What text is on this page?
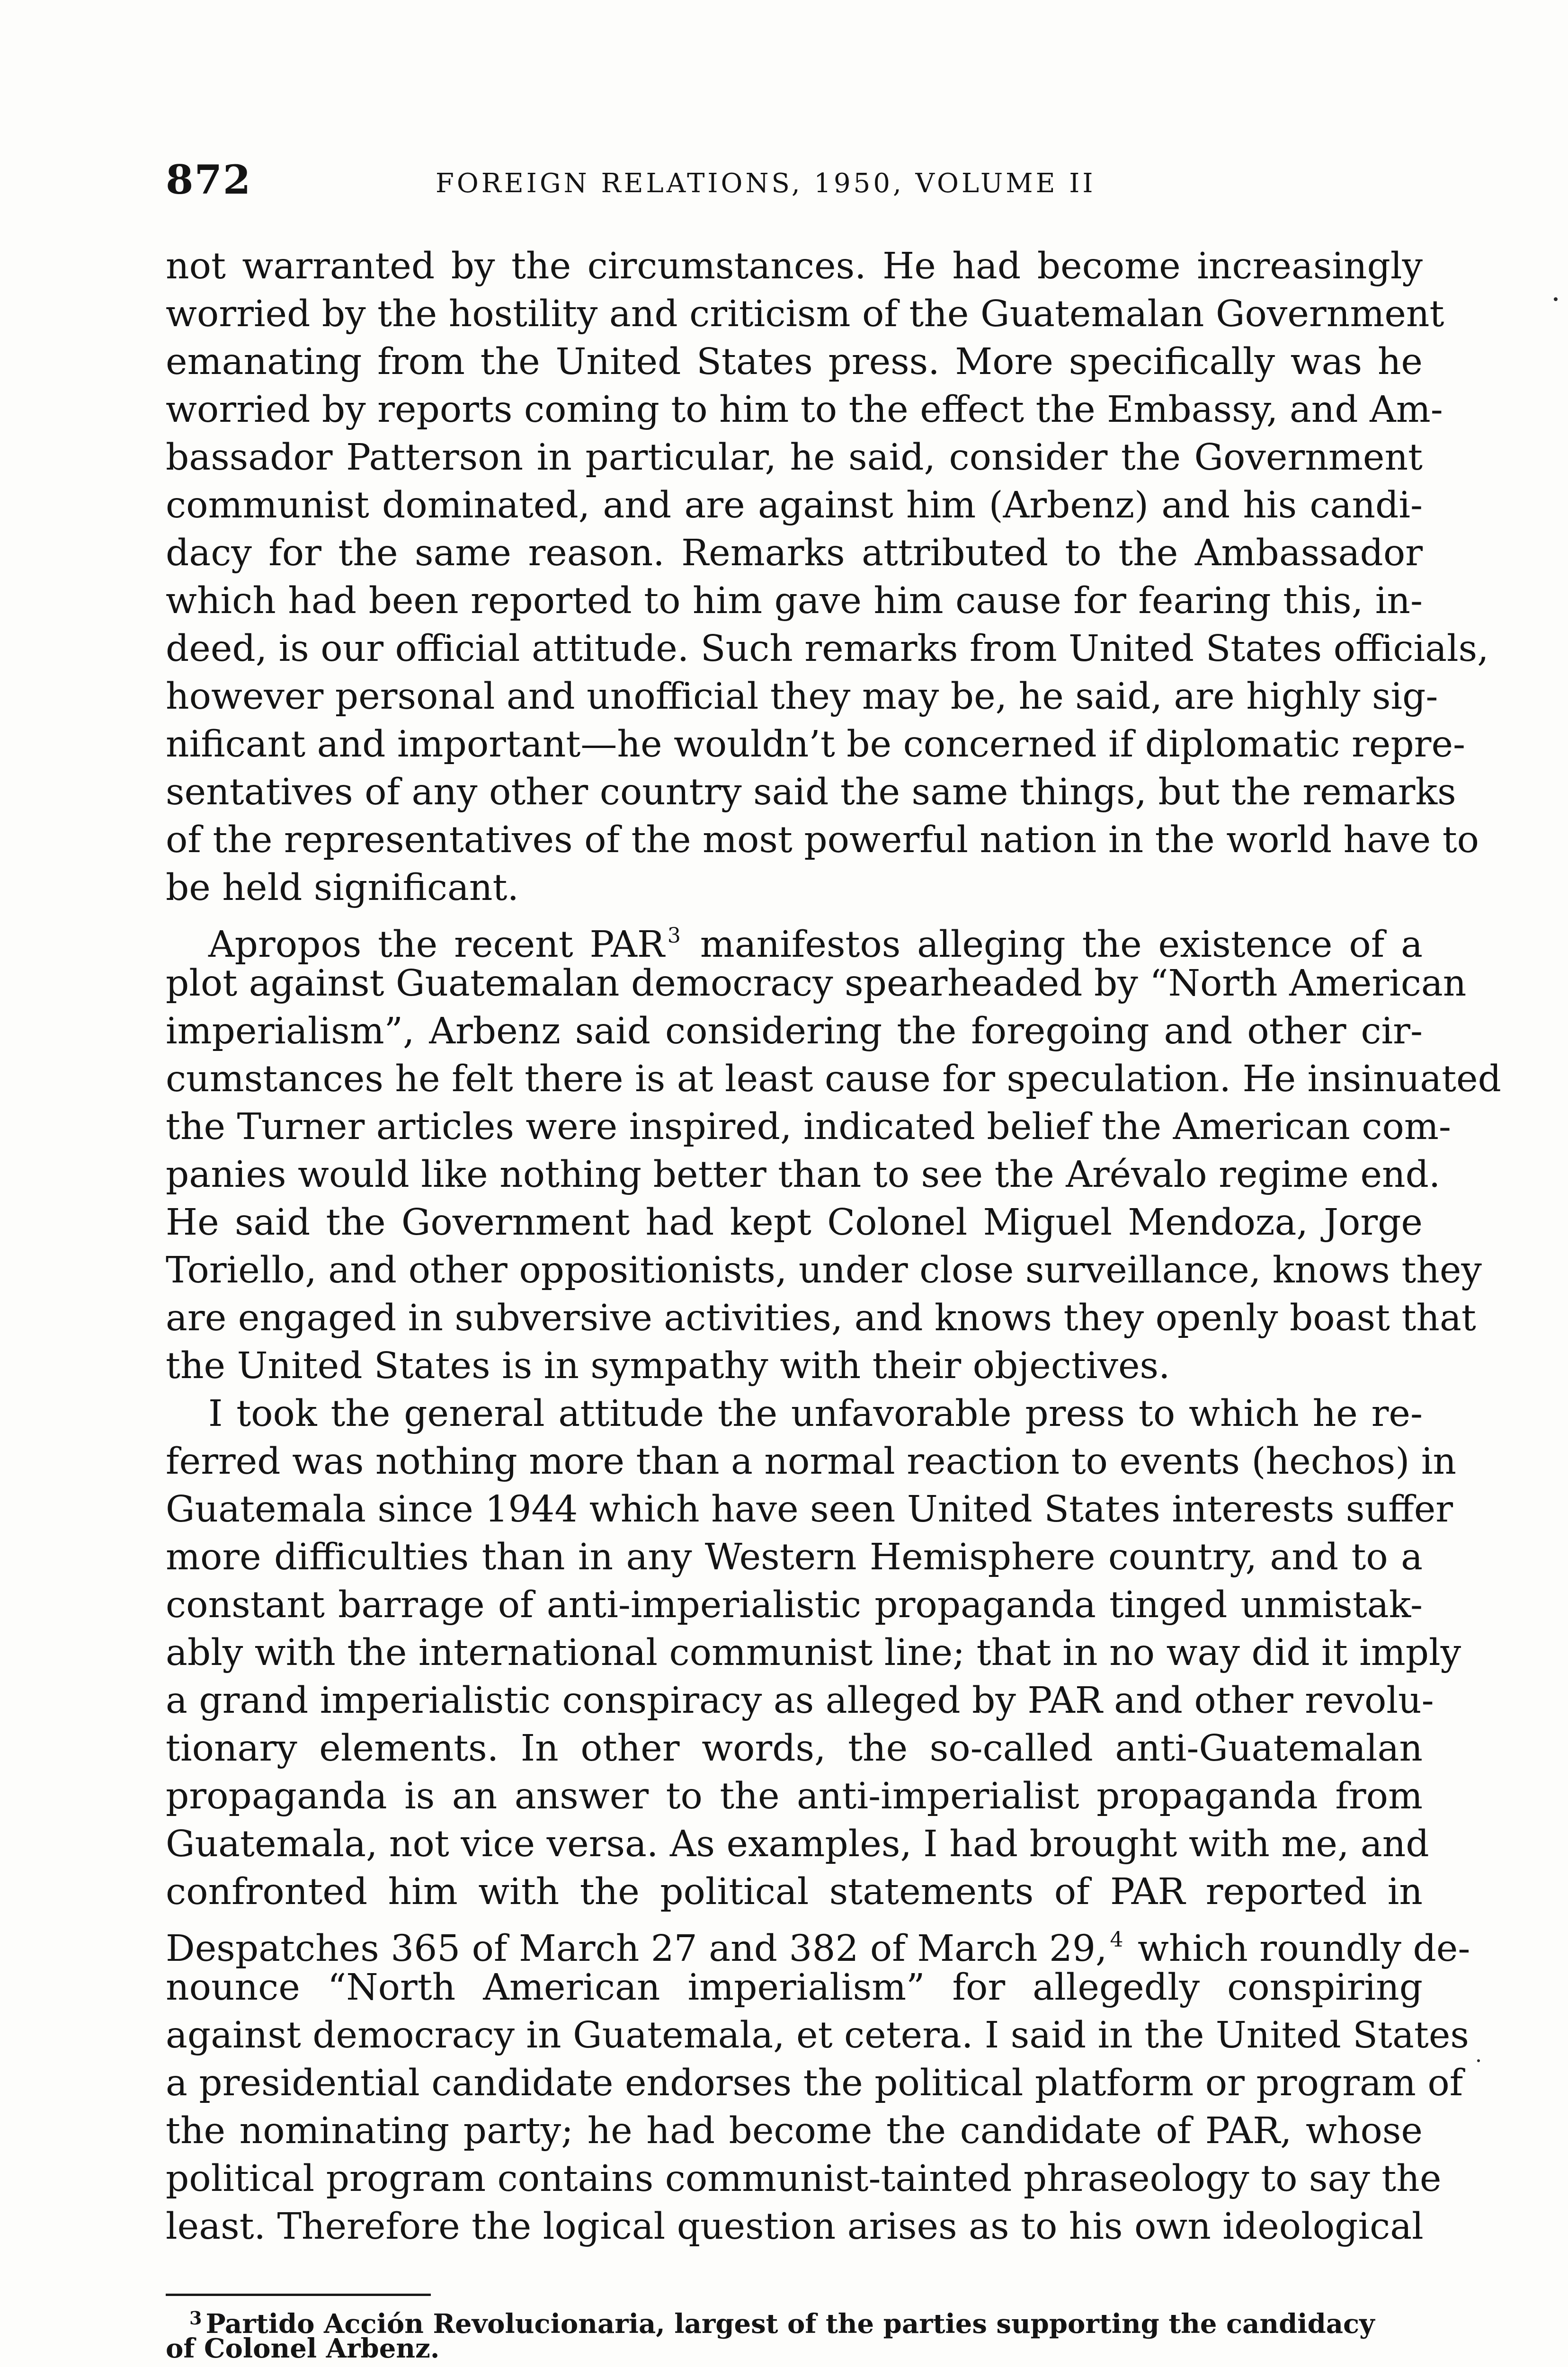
872	FOREIGN RELATIONS, 1950, VOLUME II
not warranted by the circumstances. He had become increasingly
worried by the hostility and criticism of the Guatemalan Government
emanating from the United States press. More specifically was he
worried by reports coming to him to the effect the Embassy, and Am-
bassador Patterson in particular, he said, consider the Government
communist dominated, and are against him (Arbenz) and his candi-
dacy for the same reason. Remarks attributed to the Ambassador
which had been reported to him gave him cause for fearing this, in-
deed, is our official attitude. Such remarks from United States officials,
however personal and unofficial they may be, he said, are highly sig-
nificant and important—he wouldn’t be concerned if diplomatic repre-
sentatives of any other country said the same things, but the remarks
of the representatives of the most powerful nation in the world have to
be held significant.
Apropos the recent PAR $^3$ manifestos alleging the existence of a
plot against Guatemalan democracy spearheaded by “North American
imperialism”, Arbenz said considering the foregoing and other cir-
cumstances he felt there is at least cause for speculation. He insinuated
the Turner articles were inspired, indicated belief the American com-
panies would like nothing better than to see the Arévalo regime end.
He said the Government had kept Colonel Miguel Mendoza, Jorge
Toriello, and other oppositionists, under close surveillance, knows they
are engaged in subversive activities, and knows they openly boast that
the United States is in sympathy with their objectives.
I took the general attitude the unfavorable press to which he re-
ferred was nothing more than a normal reaction to events (hechos) in
Guatemala since 1944 which have seen United States interests suffer
more difficulties than in any Western Hemisphere country, and to a
constant barrage of anti-imperialistic propaganda tinged unmistak-
ably with the international communist line; that in no way did it imply
a grand imperialistic conspiracy as alleged by PAR and other revolu-
tionary elements. In other words, the so-called anti-Guatemalan
propaganda is an answer to the anti-imperialist propaganda from
Guatemala, not vice versa. As examples, I had brought with me, and
confronted him with the political statements of PAR reported in
Despatches 365 of March 27 and 382 of March 29, $^4$ which roundly de-
nounce “North American imperialism” for allegedly conspiring
against democracy in Guatemala, et cetera. I said in the United States
a presidential candidate endorses the political platform or program of
the nominating party; he had become the candidate of PAR, whose
political program contains communist-tainted phraseology to say the
least. Therefore the logical question arises as to his own ideological
$^3$ Partido Acción Revolucionaria, largest of the parties supporting the candidacy
of Colonel Arbenz.
